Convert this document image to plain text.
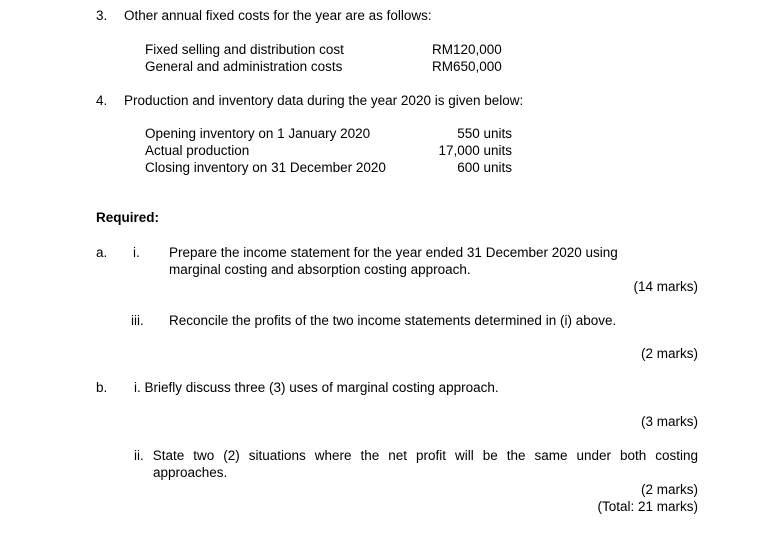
3. Other annual fixed costs for the year are as follows:
Fixed selling and distribution cost	RM120,000
General and administration costs	RM650,000
4. Production and inventory data during the year 2020 is given below:
Opening inventory on 1 January 2020	550 units
Actual production	17,000 units
Closing inventory on 31 December 2020	600 units
Required:
a. i. Prepare the income statement for the year ended 31 December 2020 using
marginal costing and absorption costing approach.
(14 marks)
iii. Reconcile the profits of the two income statements determined in (i) above.
(2 marks)
b. i. Briefly discuss three (3) uses of marginal costing approach.
(3 marks)
ii. State two (2) situations where the net profit will be the same under both costing
approaches.
(2 marks)
(Total: 21 marks)
